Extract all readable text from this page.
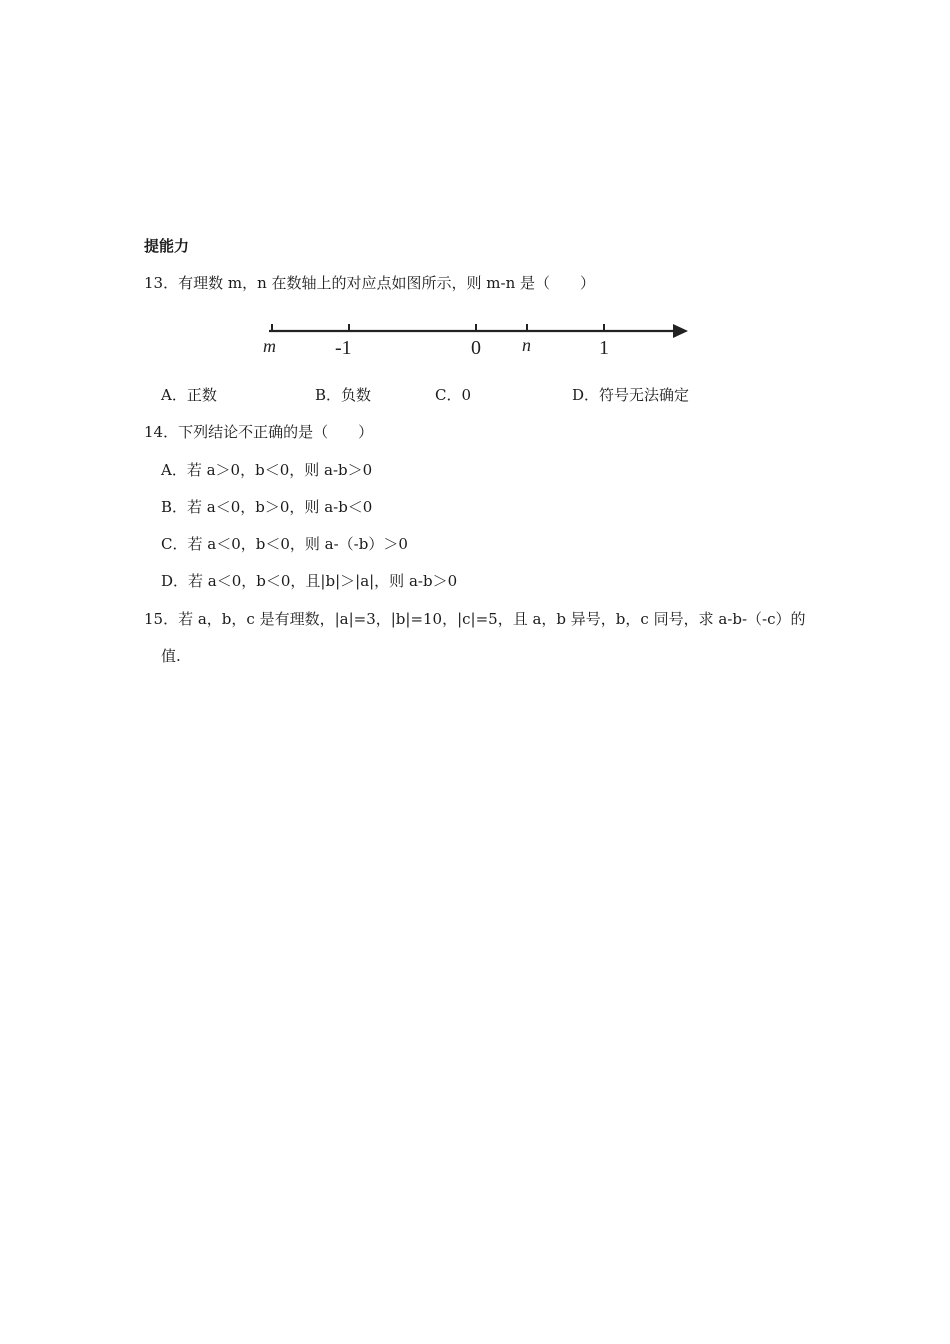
提能力
13．有理数 m，n 在数轴上的对应点如图所示，则 m-n 是（　　）
m	-1	0 n	1
A．正数	B．负数	C．0	D．符号无法确定
14．下列结论不正确的是（　　）
A．若 a＞0，b＜0，则 a-b＞0
B．若 a＜0，b＞0，则 a-b＜0
C．若 a＜0，b＜0，则 a-（-b）＞0
D．若 a＜0，b＜0，且|b|＞|a|，则 a-b＞0
15．若 a，b，c 是有理数，|a|=3，|b|=10，|c|=5，且 a，b 异号，b，c 同号，求 a-b-（-c）的
值.
